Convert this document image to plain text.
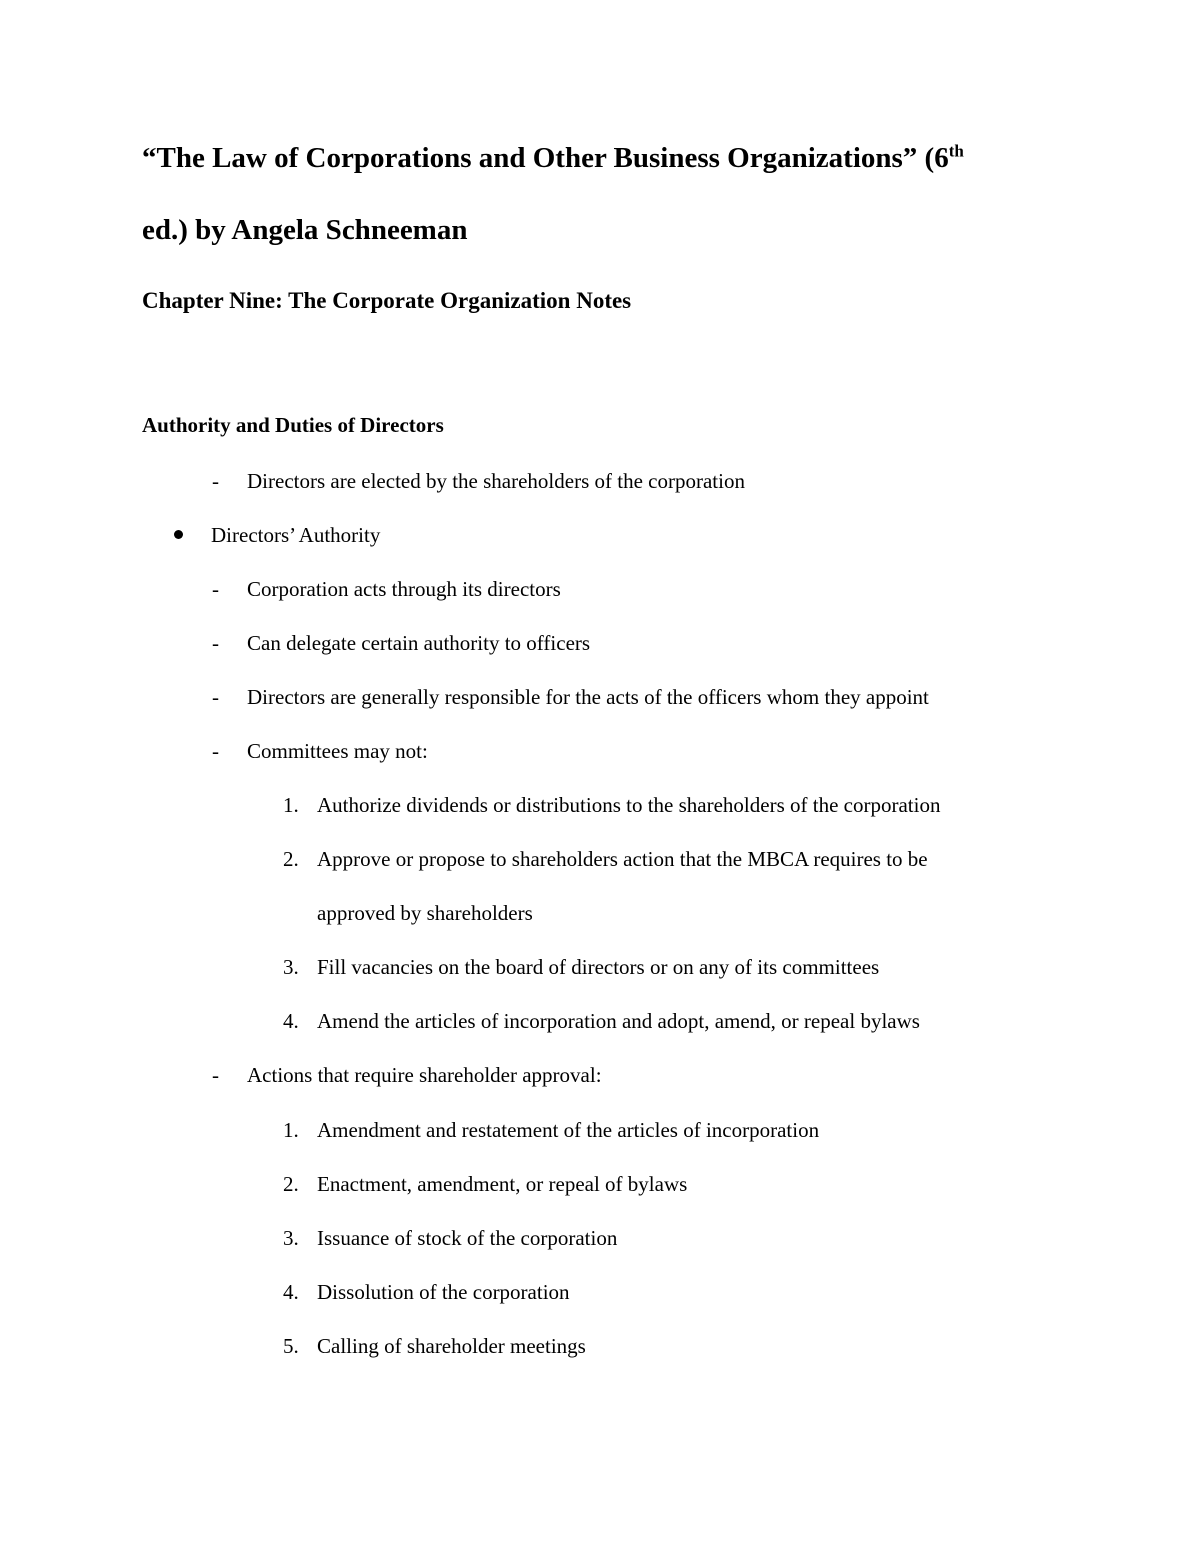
“The Law of Corporations and Other Business Organizations” (6th
ed.) by Angela Schneeman
Chapter Nine: The Corporate Organization Notes
Authority and Duties of Directors
- Directors are elected by the shareholders of the corporation
Directors’ Authority
- Corporation acts through its directors
- Can delegate certain authority to officers
- Directors are generally responsible for the acts of the officers whom they appoint
- Committees may not:
1. Authorize dividends or distributions to the shareholders of the corporation
2. Approve or propose to shareholders action that the MBCA requires to be
approved by shareholders
3. Fill vacancies on the board of directors or on any of its committees
4. Amend the articles of incorporation and adopt, amend, or repeal bylaws
- Actions that require shareholder approval:
1. Amendment and restatement of the articles of incorporation
2. Enactment, amendment, or repeal of bylaws
3. Issuance of stock of the corporation
4. Dissolution of the corporation
5. Calling of shareholder meetings
